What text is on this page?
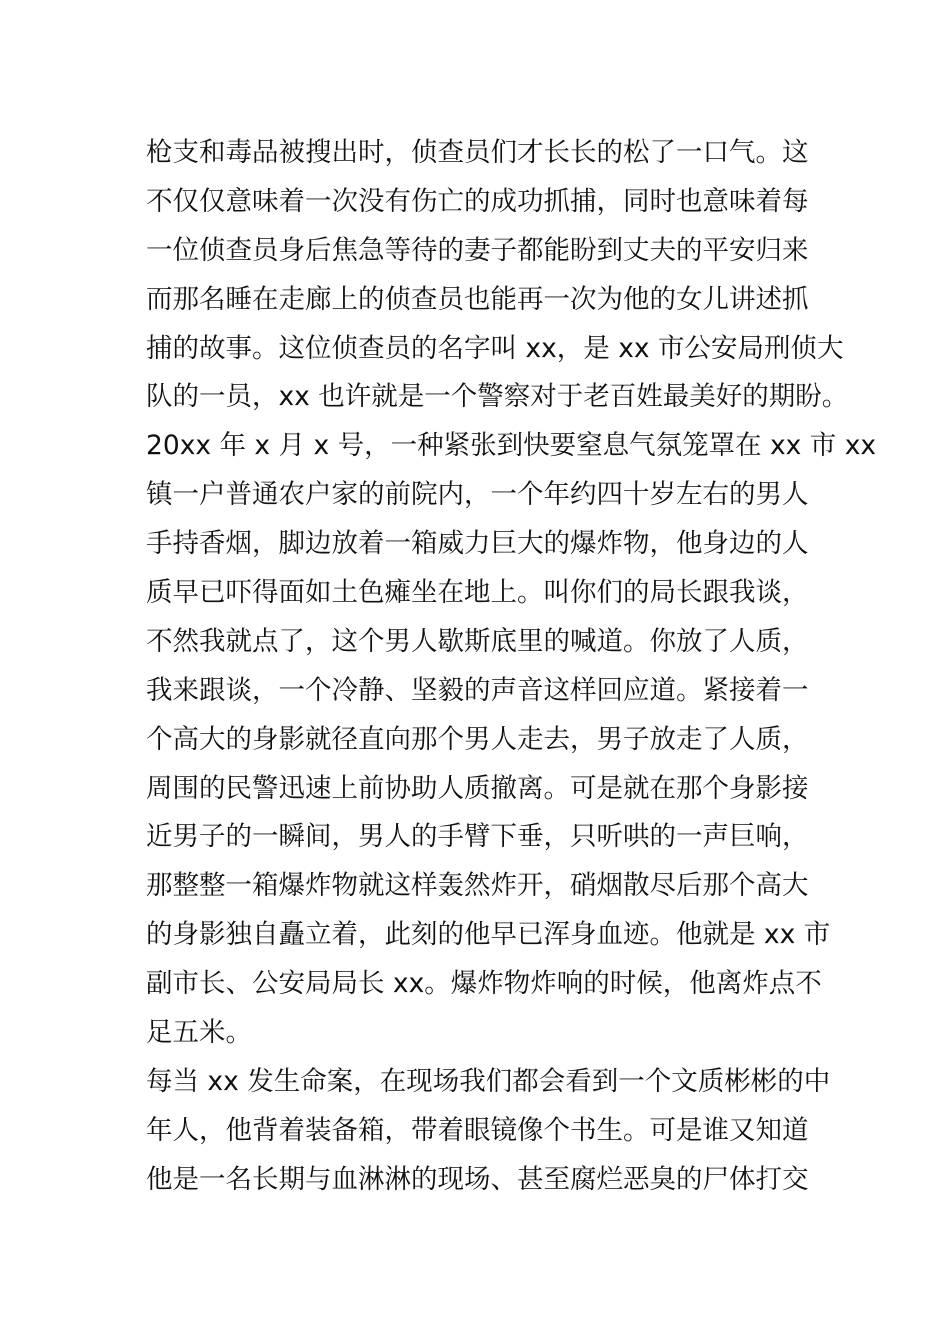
枪支和毒品被搜出时，侦查员们才长长的松了一口气。这
不仅仅意味着一次没有伤亡的成功抓捕，同时也意味着每
一位侦查员身后焦急等待的妻子都能盼到丈夫的平安归来
而那名睡在走廊上的侦查员也能再一次为他的女儿讲述抓
捕的故事。这位侦查员的名字叫 xx，是 xx 市公安局刑侦大
队的一员，xx 也许就是一个警察对于老百姓最美好的期盼。
20xx 年 x 月 x 号，一种紧张到快要窒息气氛笼罩在 xx 市 xx
镇一户普通农户家的前院内，一个年约四十岁左右的男人
手持香烟，脚边放着一箱威力巨大的爆炸物，他身边的人
质早已吓得面如土色瘫坐在地上。叫你们的局长跟我谈，
不然我就点了，这个男人歇斯底里的喊道。你放了人质，
我来跟谈，一个冷静、坚毅的声音这样回应道。紧接着一
个高大的身影就径直向那个男人走去，男子放走了人质，
周围的民警迅速上前协助人质撤离。可是就在那个身影接
近男子的一瞬间，男人的手臂下垂，只听哄的一声巨响，
那整整一箱爆炸物就这样轰然炸开，硝烟散尽后那个高大
的身影独自矗立着，此刻的他早已浑身血迹。他就是 xx 市
副市长、公安局局长 xx。爆炸物炸响的时候，他离炸点不
足五米。
每当 xx 发生命案，在现场我们都会看到一个文质彬彬的中
年人，他背着装备箱，带着眼镜像个书生。可是谁又知道
他是一名长期与血淋淋的现场、甚至腐烂恶臭的尸体打交
